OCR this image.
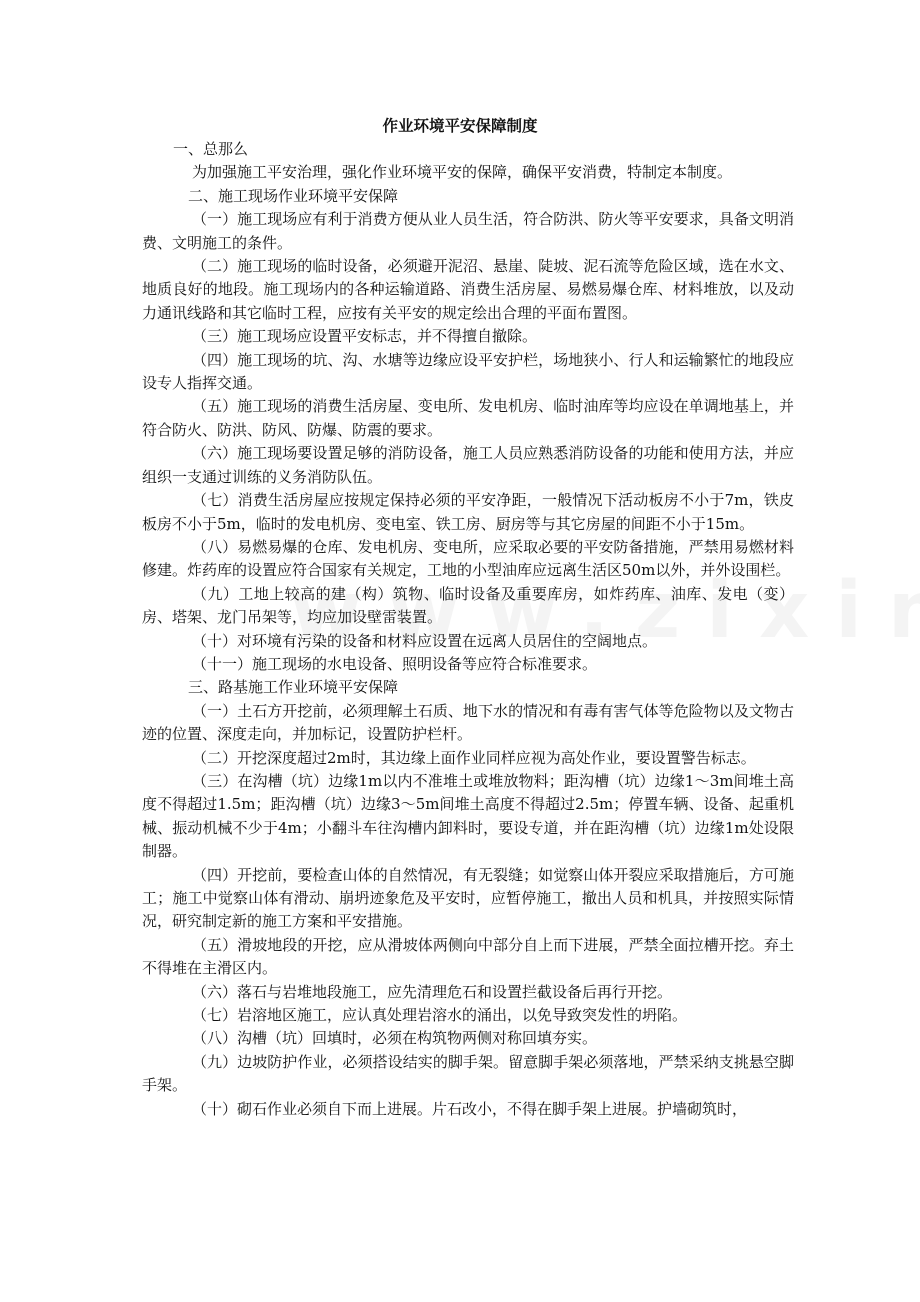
作业环境平安保障制度

一、总那么

为加强施工平安治理，强化作业环境平安的保障，确保平安消费，特制定本制度。

二、施工现场作业环境平安保障

（一）施工现场应有利于消费方便从业人员生活，符合防洪、防火等平安要求，具备文明消费、文明施工的条件。

（二）施工现场的临时设备，必须避开泥沼、悬崖、陡坡、泥石流等危险区域，选在水文、地质良好的地段。施工现场内的各种运输道路、消费生活房屋、易燃易爆仓库、材料堆放，以及动力通讯线路和其它临时工程，应按有关平安的规定绘出合理的平面布置图。

（三）施工现场应设置平安标志，并不得擅自撤除。

（四）施工现场的坑、沟、水塘等边缘应设平安护栏，场地狭小、行人和运输繁忙的地段应设专人指挥交通。

（五）施工现场的消费生活房屋、变电所、发电机房、临时油库等均应设在单调地基上，并符合防火、防洪、防风、防爆、防震的要求。

（六）施工现场要设置足够的消防设备，施工人员应熟悉消防设备的功能和使用方法，并应组织一支通过训练的义务消防队伍。

（七）消费生活房屋应按规定保持必须的平安净距，一般情况下活动板房不小于7m，铁皮板房不小于5m，临时的发电机房、变电室、铁工房、厨房等与其它房屋的间距不小于15m。

（八）易燃易爆的仓库、发电机房、变电所，应采取必要的平安防备措施，严禁用易燃材料修建。炸药库的设置应符合国家有关规定，工地的小型油库应远离生活区50m以外，并外设围栏。

（九）工地上较高的建（构）筑物、临时设备及重要库房，如炸药库、油库、发电（变）房、塔架、龙门吊架等，均应加设壁雷装置。

（十）对环境有污染的设备和材料应设置在远离人员居住的空阔地点。

（十一）施工现场的水电设备、照明设备等应符合标准要求。

三、路基施工作业环境平安保障

（一）土石方开挖前，必须理解土石质、地下水的情况和有毒有害气体等危险物以及文物古迹的位置、深度走向，并加标记，设置防护栏杆。

（二）开挖深度超过2m时，其边缘上面作业同样应视为高处作业，要设置警告标志。

（三）在沟槽（坑）边缘1m以内不准堆土或堆放物料；距沟槽（坑）边缘1～3m间堆土高度不得超过1.5m；距沟槽（坑）边缘3～5m间堆土高度不得超过2.5m；停置车辆、设备、起重机械、振动机械不少于4m；小翻斗车往沟槽内卸料时，要设专道，并在距沟槽（坑）边缘1m处设限制器。

（四）开挖前，要检查山体的自然情况，有无裂缝；如觉察山体开裂应采取措施后，方可施工；施工中觉察山体有滑动、崩坍迹象危及平安时，应暂停施工，撤出人员和机具，并按照实际情况，研究制定新的施工方案和平安措施。

（五）滑坡地段的开挖，应从滑坡体两侧向中部分自上而下进展，严禁全面拉槽开挖。弃土不得堆在主滑区内。

（六）落石与岩堆地段施工，应先清理危石和设置拦截设备后再行开挖。

（七）岩溶地区施工，应认真处理岩溶水的涌出，以免导致突发性的坍陷。

（八）沟槽（坑）回填时，必须在构筑物两侧对称回填夯实。

（九）边坡防护作业，必须搭设结实的脚手架。留意脚手架必须落地，严禁采纳支挑悬空脚手架。

（十）砌石作业必须自下而上进展。片石改小，不得在脚手架上进展。护墙砌筑时，
